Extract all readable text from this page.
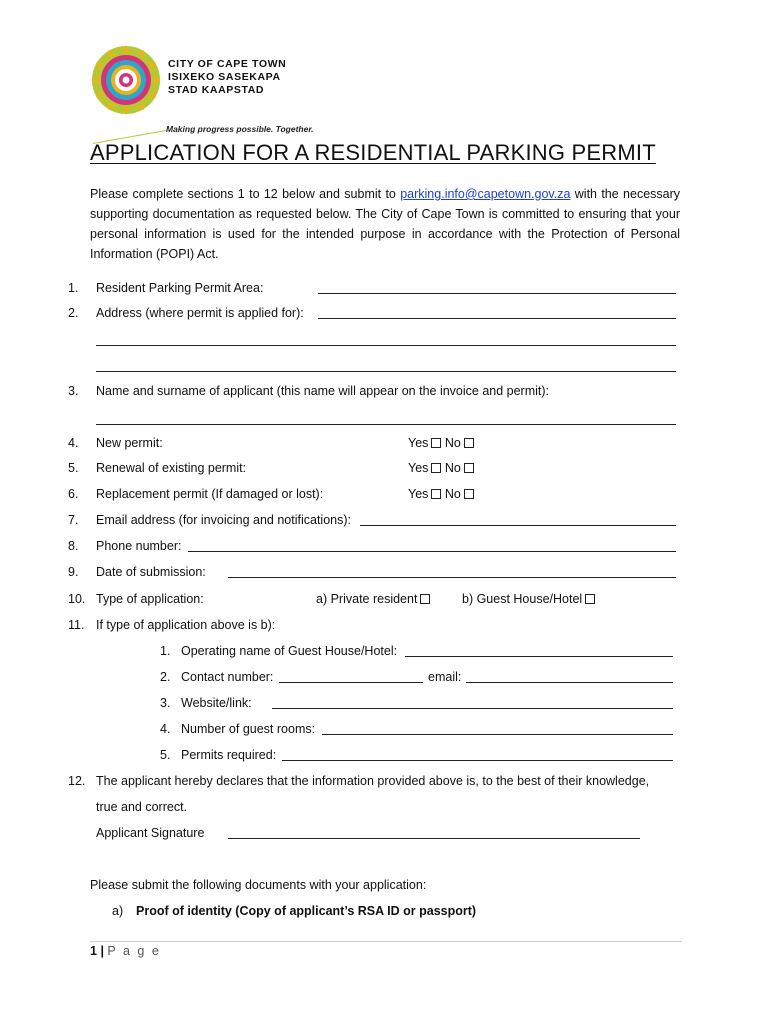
CITY OF CAPE TOWN
ISIXEKO SASEKAPA
STAD KAAPSTAD
Making progress possible. Together.
APPLICATION FOR A RESIDENTIAL PARKING PERMIT
Please complete sections 1 to 12 below and submit to parking.info@capetown.gov.za with the necessary supporting documentation as requested below. The City of Cape Town is committed to ensuring that your personal information is used for the intended purpose in accordance with the Protection of Personal Information (POPI) Act.
1. Resident Parking Permit Area:
2. Address (where permit is applied for):
3. Name and surname of applicant (this name will appear on the invoice and permit):
4. New permit:	Yes No
5. Renewal of existing permit:	Yes No
6. Replacement permit (If damaged or lost):	Yes No
7. Email address (for invoicing and notifications):
8. Phone number:
9. Date of submission:
10. Type of application:	a) Private resident	b) Guest House/Hotel
11. If type of application above is b):
1. Operating name of Guest House/Hotel:
2. Contact number:	email:
3. Website/link:
4. Number of guest rooms:
5. Permits required:
12. The applicant hereby declares that the information provided above is, to the best of their knowledge,
true and correct.
Applicant Signature
Please submit the following documents with your application:
a) Proof of identity (Copy of applicant’s RSA ID or passport)
1 | P a g e
